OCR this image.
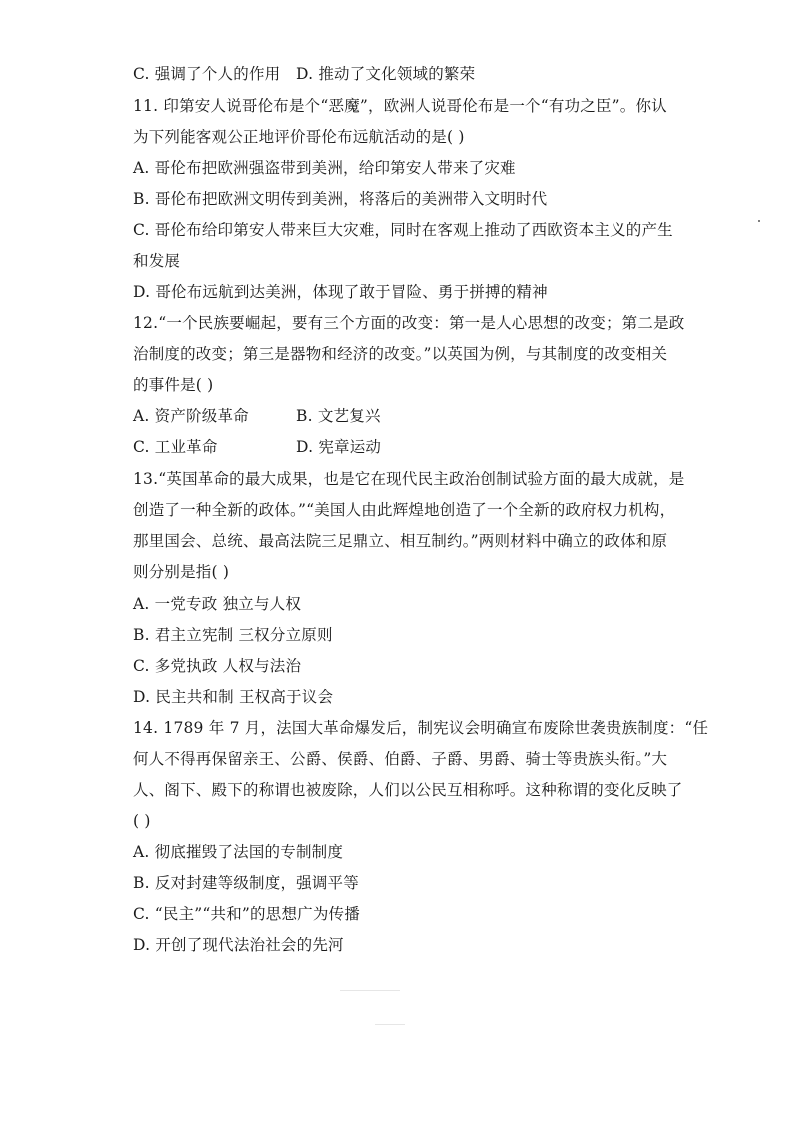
C. 强调了个人的作用 D. 推动了文化领域的繁荣
11. 印第安人说哥伦布是个“恶魔”，欧洲人说哥伦布是一个“有功之臣”。你认
为下列能客观公正地评价哥伦布远航活动的是( )
A. 哥伦布把欧洲强盗带到美洲，给印第安人带来了灾难
B. 哥伦布把欧洲文明传到美洲，将落后的美洲带入文明时代
C. 哥伦布给印第安人带来巨大灾难，同时在客观上推动了西欧资本主义的产生
和发展
D. 哥伦布远航到达美洲，体现了敢于冒险、勇于拼搏的精神
12.“一个民族要崛起，要有三个方面的改变：第一是人心思想的改变；第二是政
治制度的改变；第三是器物和经济的改变。”以英国为例，与其制度的改变相关
的事件是( )
A. 资产阶级革命	B. 文艺复兴
C. 工业革命	D. 宪章运动
13.“英国革命的最大成果，也是它在现代民主政治创制试验方面的最大成就，是
创造了一种全新的政体。”“美国人由此辉煌地创造了一个全新的政府权力机构，
那里国会、总统、最高法院三足鼎立、相互制约。”两则材料中确立的政体和原
则分别是指( )
A. 一党专政 独立与人权
B. 君主立宪制 三权分立原则
C. 多党执政 人权与法治
D. 民主共和制 王权高于议会
14. 1789 年 7 月，法国大革命爆发后，制宪议会明确宣布废除世袭贵族制度：“任
何人不得再保留亲王、公爵、侯爵、伯爵、子爵、男爵、骑士等贵族头衔。”大
人、阁下、殿下的称谓也被废除，人们以公民互相称呼。这种称谓的变化反映了
( )
A. 彻底摧毁了法国的专制制度
B. 反对封建等级制度，强调平等
C. “民主”“共和”的思想广为传播
D. 开创了现代法治社会的先河
